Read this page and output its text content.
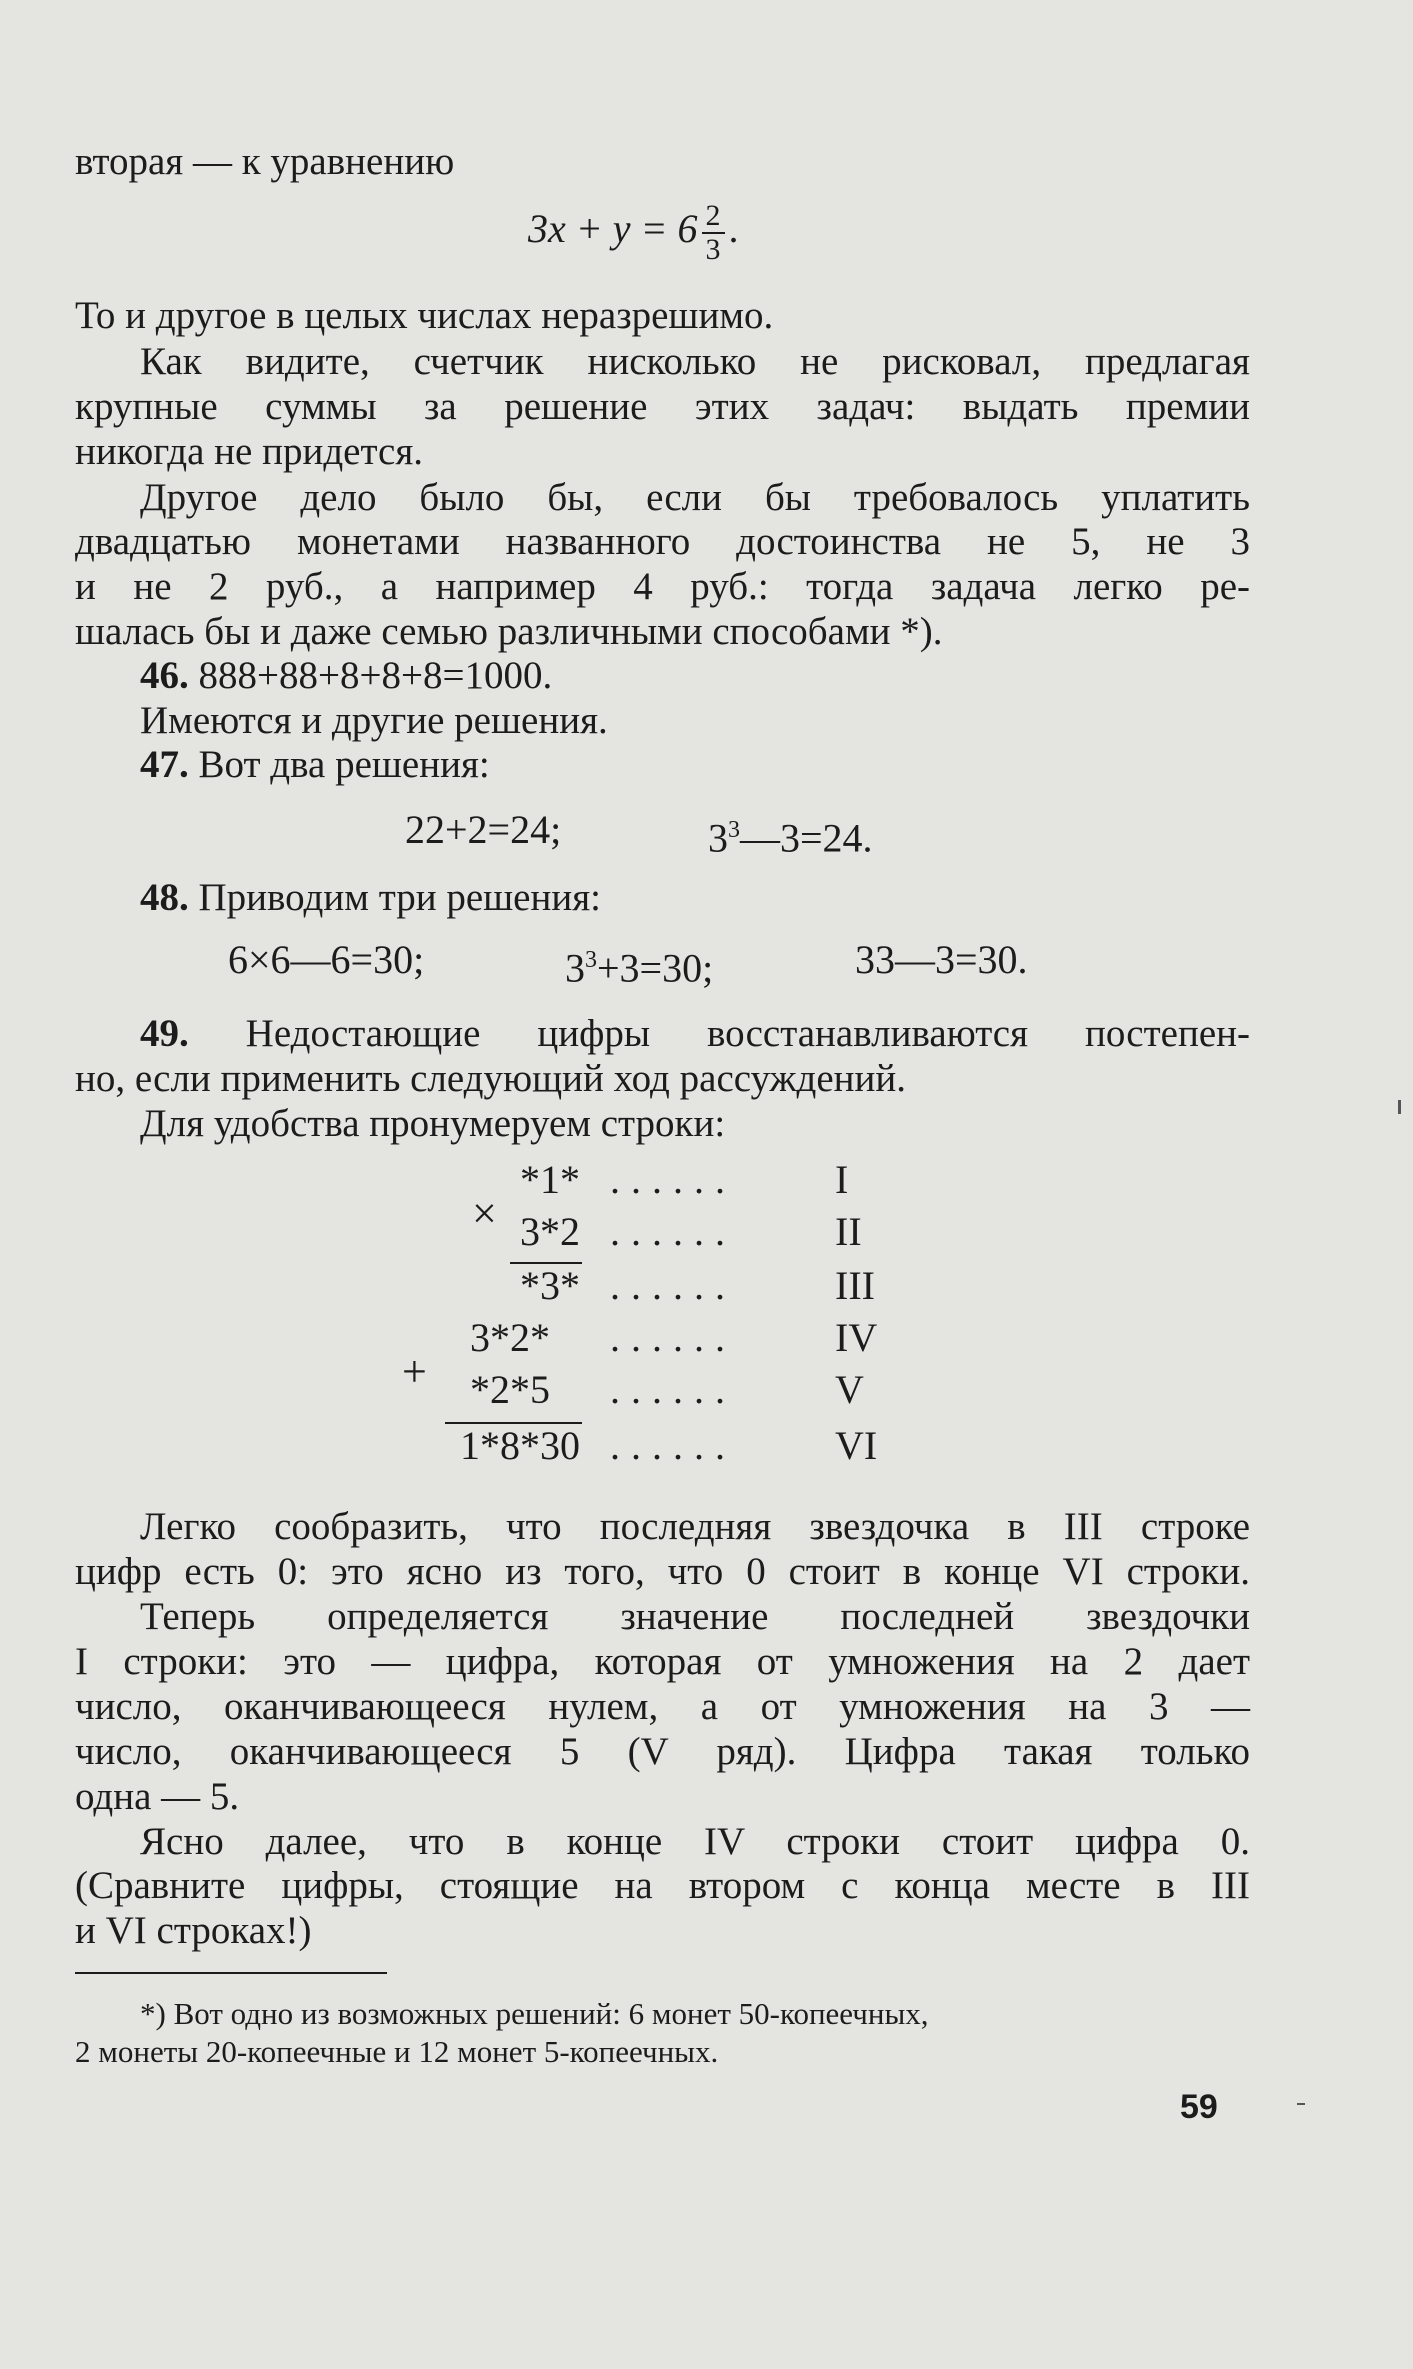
вторая — к уравнению
$3x + y = 6 \frac{2}{3}$ .
То и другое в целых числах неразрешимо.
Как видите, счетчик нисколько не рисковал, предлагая
крупные суммы за решение этих задач: выдать премии
никогда не придется.
Другое дело было бы, если бы требовалось уплатить
двадцатью монетами названного достоинства не 5, не 3
и не 2 руб., а например 4 руб.: тогда задача легко ре-
шалась бы и даже семью различными способами *).
46. 888+88+8+8+8=1000.
Имеются и другие решения.
47. Вот два решения:
22+2=24;	$3^3—3=24$.
48. Приводим три решения:
6×6—6=30;	$3^3+3=30$;	33—3=30.
49. Недостающие цифры восстанавливаются постепен-
но, если применить следующий ход рассуждений.
Для удобства пронумеруем строки:
×
+
*1* ...... I
3*2 ...... II
*3* ...... III
3*2* ...... IV
*2*5 ...... V
1*8*30 ...... VI
Легко сообразить, что последняя звездочка в III строке
цифр есть 0: это ясно из того, что 0 стоит в конце VI строки.
Теперь определяется значение последней звездочки
I строки: это — цифра, которая от умножения на 2 дает
число, оканчивающееся нулем, а от умножения на 3 —
число, оканчивающееся 5 (V ряд). Цифра такая только
одна — 5.
Ясно далее, что в конце IV строки стоит цифра 0.
(Сравните цифры, стоящие на втором с конца месте в III
и VI строках!)
*) Вот одно из возможных решений: 6 монет 50-копеечных,
2 монеты 20-копеечные и 12 монет 5-копеечных.
59
